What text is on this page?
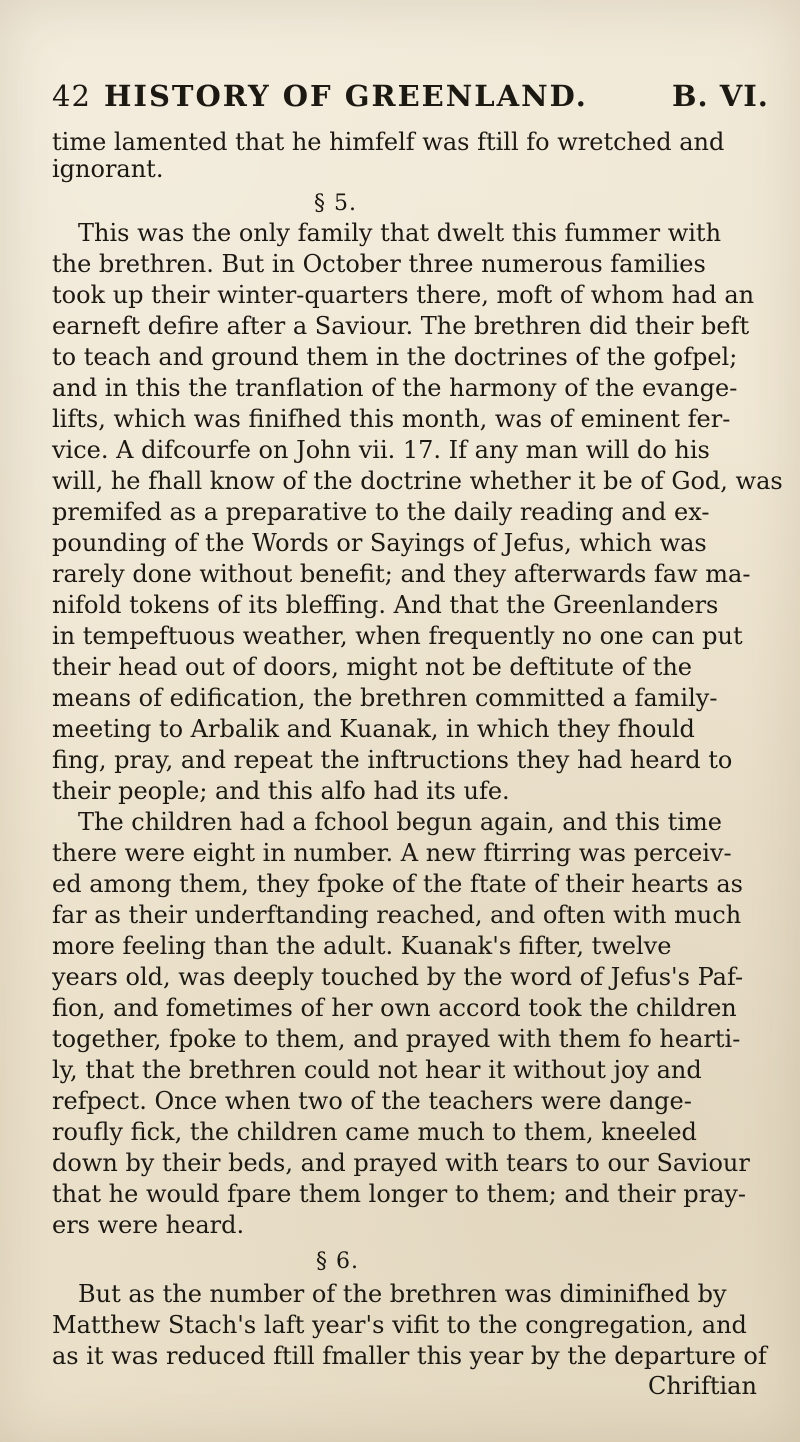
42 HISTORY OF GREENLAND.	B. VI.
time lamented that he himfelf was ftill fo wretched and
ignorant.
§ 5.
This was the only family that dwelt this fummer with
the brethren. But in October three numerous families
took up their winter-quarters there, moft of whom had an
earneft defire after a Saviour. The brethren did their beft
to teach and ground them in the doctrines of the gofpel;
and in this the tranflation of the harmony of the evange-
lifts, which was finifhed this month, was of eminent fer-
vice. A difcourfe on John vii. 17. If any man will do his
will, he fhall know of the doctrine whether it be of God, was
premifed as a preparative to the daily reading and ex-
pounding of the Words or Sayings of Jefus, which was
rarely done without benefit; and they afterwards faw ma-
nifold tokens of its bleffing. And that the Greenlanders
in tempeftuous weather, when frequently no one can put
their head out of doors, might not be deftitute of the
means of edification, the brethren committed a family-
meeting to Arbalik and Kuanak, in which they fhould
fing, pray, and repeat the inftructions they had heard to
their people; and this alfo had its ufe.
The children had a fchool begun again, and this time
there were eight in number. A new ftirring was perceiv-
ed among them, they fpoke of the ftate of their hearts as
far as their underftanding reached, and often with much
more feeling than the adult. Kuanak's fifter, twelve
years old, was deeply touched by the word of Jefus's Paf-
fion, and fometimes of her own accord took the children
together, fpoke to them, and prayed with them fo hearti-
ly, that the brethren could not hear it without joy and
refpect. Once when two of the teachers were dange-
roufly fick, the children came much to them, kneeled
down by their beds, and prayed with tears to our Saviour
that he would fpare them longer to them; and their pray-
ers were heard.
§ 6.
But as the number of the brethren was diminifhed by
Matthew Stach's laft year's vifit to the congregation, and
as it was reduced ftill fmaller this year by the departure of
Chriftian
